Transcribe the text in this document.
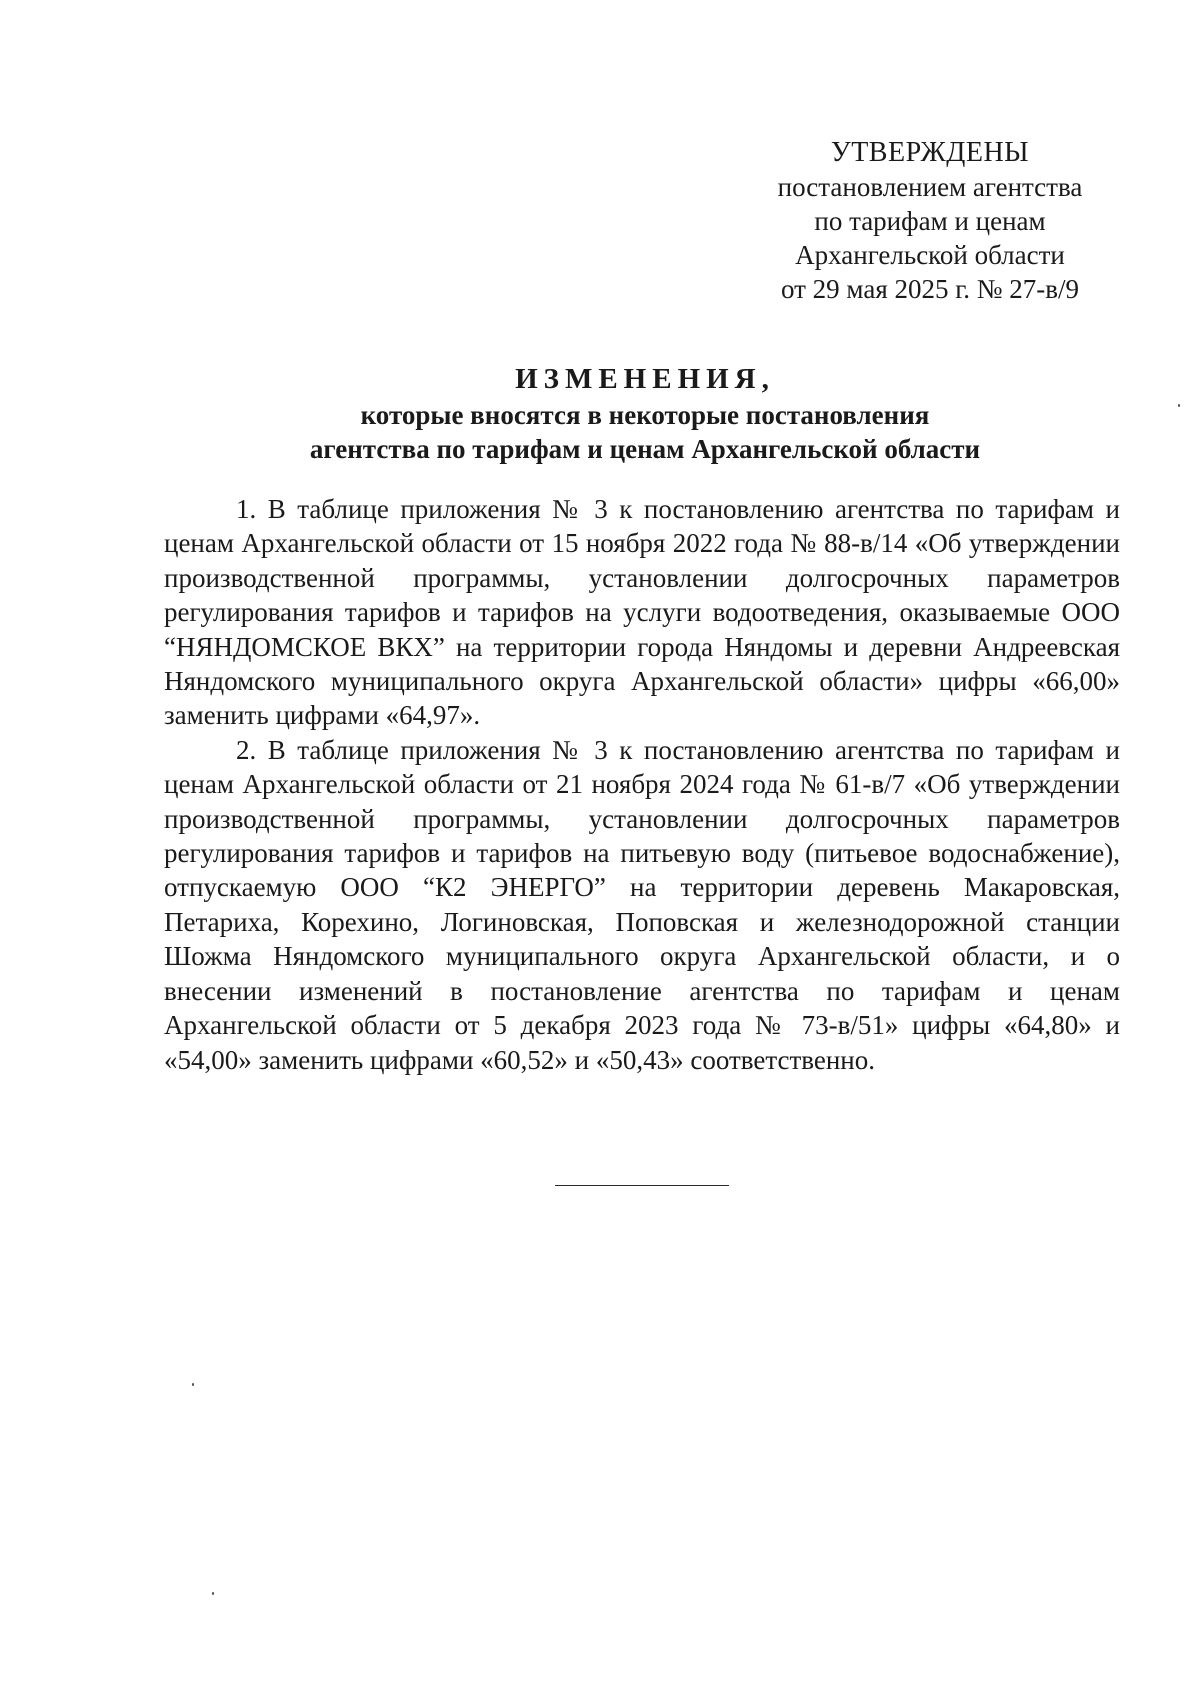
УТВЕРЖДЕНЫ
постановлением агентства
по тарифам и ценам
Архангельской области
от 29 мая 2025 г. № 27-в/9
ИЗМЕНЕНИЯ,
которые вносятся в некоторые постановления
агентства по тарифам и ценам Архангельской области

1. В таблице приложения № 3 к постановлению агентства по тарифам и ценам Архангельской области от 15 ноября 2022 года № 88-в/14 «Об утверждении производственной программы, установлении долгосрочных параметров регулирования тарифов и тарифов на услуги водоотведения, оказываемые ООО “НЯНДОМСКОЕ ВКХ” на территории города Няндомы и деревни Андреевская Няндомского муниципального округа Архангельской области» цифры «66,00» заменить цифрами «64,97».

2. В таблице приложения № 3 к постановлению агентства по тарифам и ценам Архангельской области от 21 ноября 2024 года № 61-в/7 «Об утверждении производственной программы, установлении долгосрочных параметров регулирования тарифов и тарифов на питьевую воду (питьевое водоснабжение), отпускаемую ООО “К2 ЭНЕРГО” на территории деревень Макаровская, Петариха, Корехино, Логиновская, Поповская и железнодорожной станции Шожма Няндомского муниципального округа Архангельской области, и о внесении изменений в постановление агентства по тарифам и ценам Архангельской области от 5 декабря 2023 года № 73-в/51» цифры «64,80» и «54,00» заменить цифрами «60,52» и «50,43» соответственно.
